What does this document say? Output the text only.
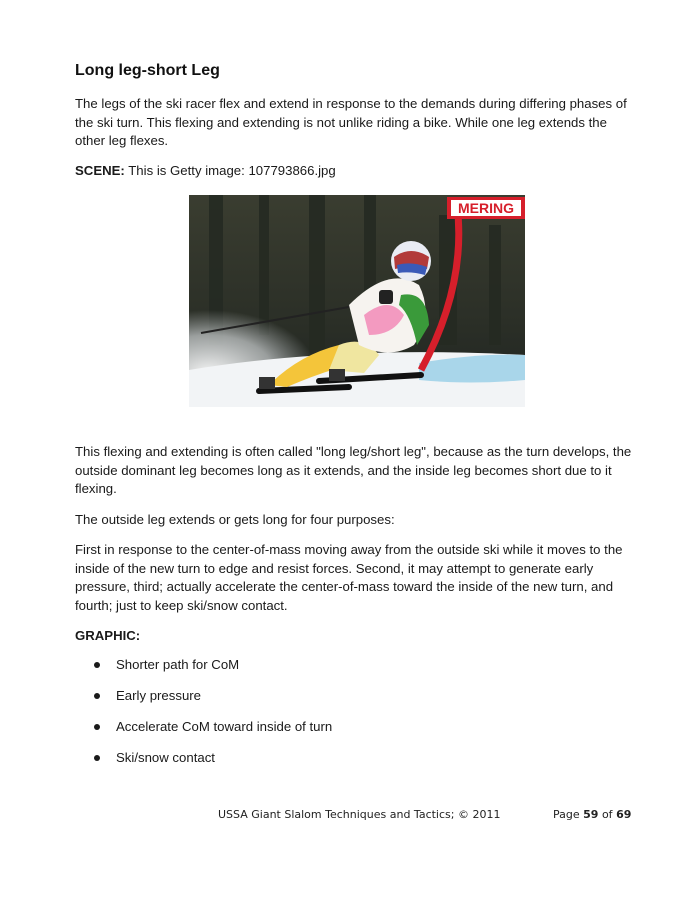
Long leg-short Leg

The legs of the ski racer flex and extend in response to the demands during differing phases of the ski turn. This flexing and extending is not unlike riding a bike. While one leg extends the other leg flexes.

SCENE: This is Getty image: 107793866.jpg

MERING

This flexing and extending is often called "long leg/short leg", because as the turn develops, the outside dominant leg becomes long as it extends, and the inside leg becomes short due to it flexing.

The outside leg extends or gets long for four purposes:

First in response to the center-of-mass moving away from the outside ski while it moves to the inside of the new turn to edge and resist forces. Second, it may attempt to generate early pressure, third; actually accelerate the center-of-mass toward the inside of the new turn, and fourth; just to keep ski/snow contact.

GRAPHIC:

Shorter path for CoM
Early pressure
Accelerate CoM toward inside of turn
Ski/snow contact
USSA Giant Slalom Techniques and Tactics; © 2011	Page 59 of 69
